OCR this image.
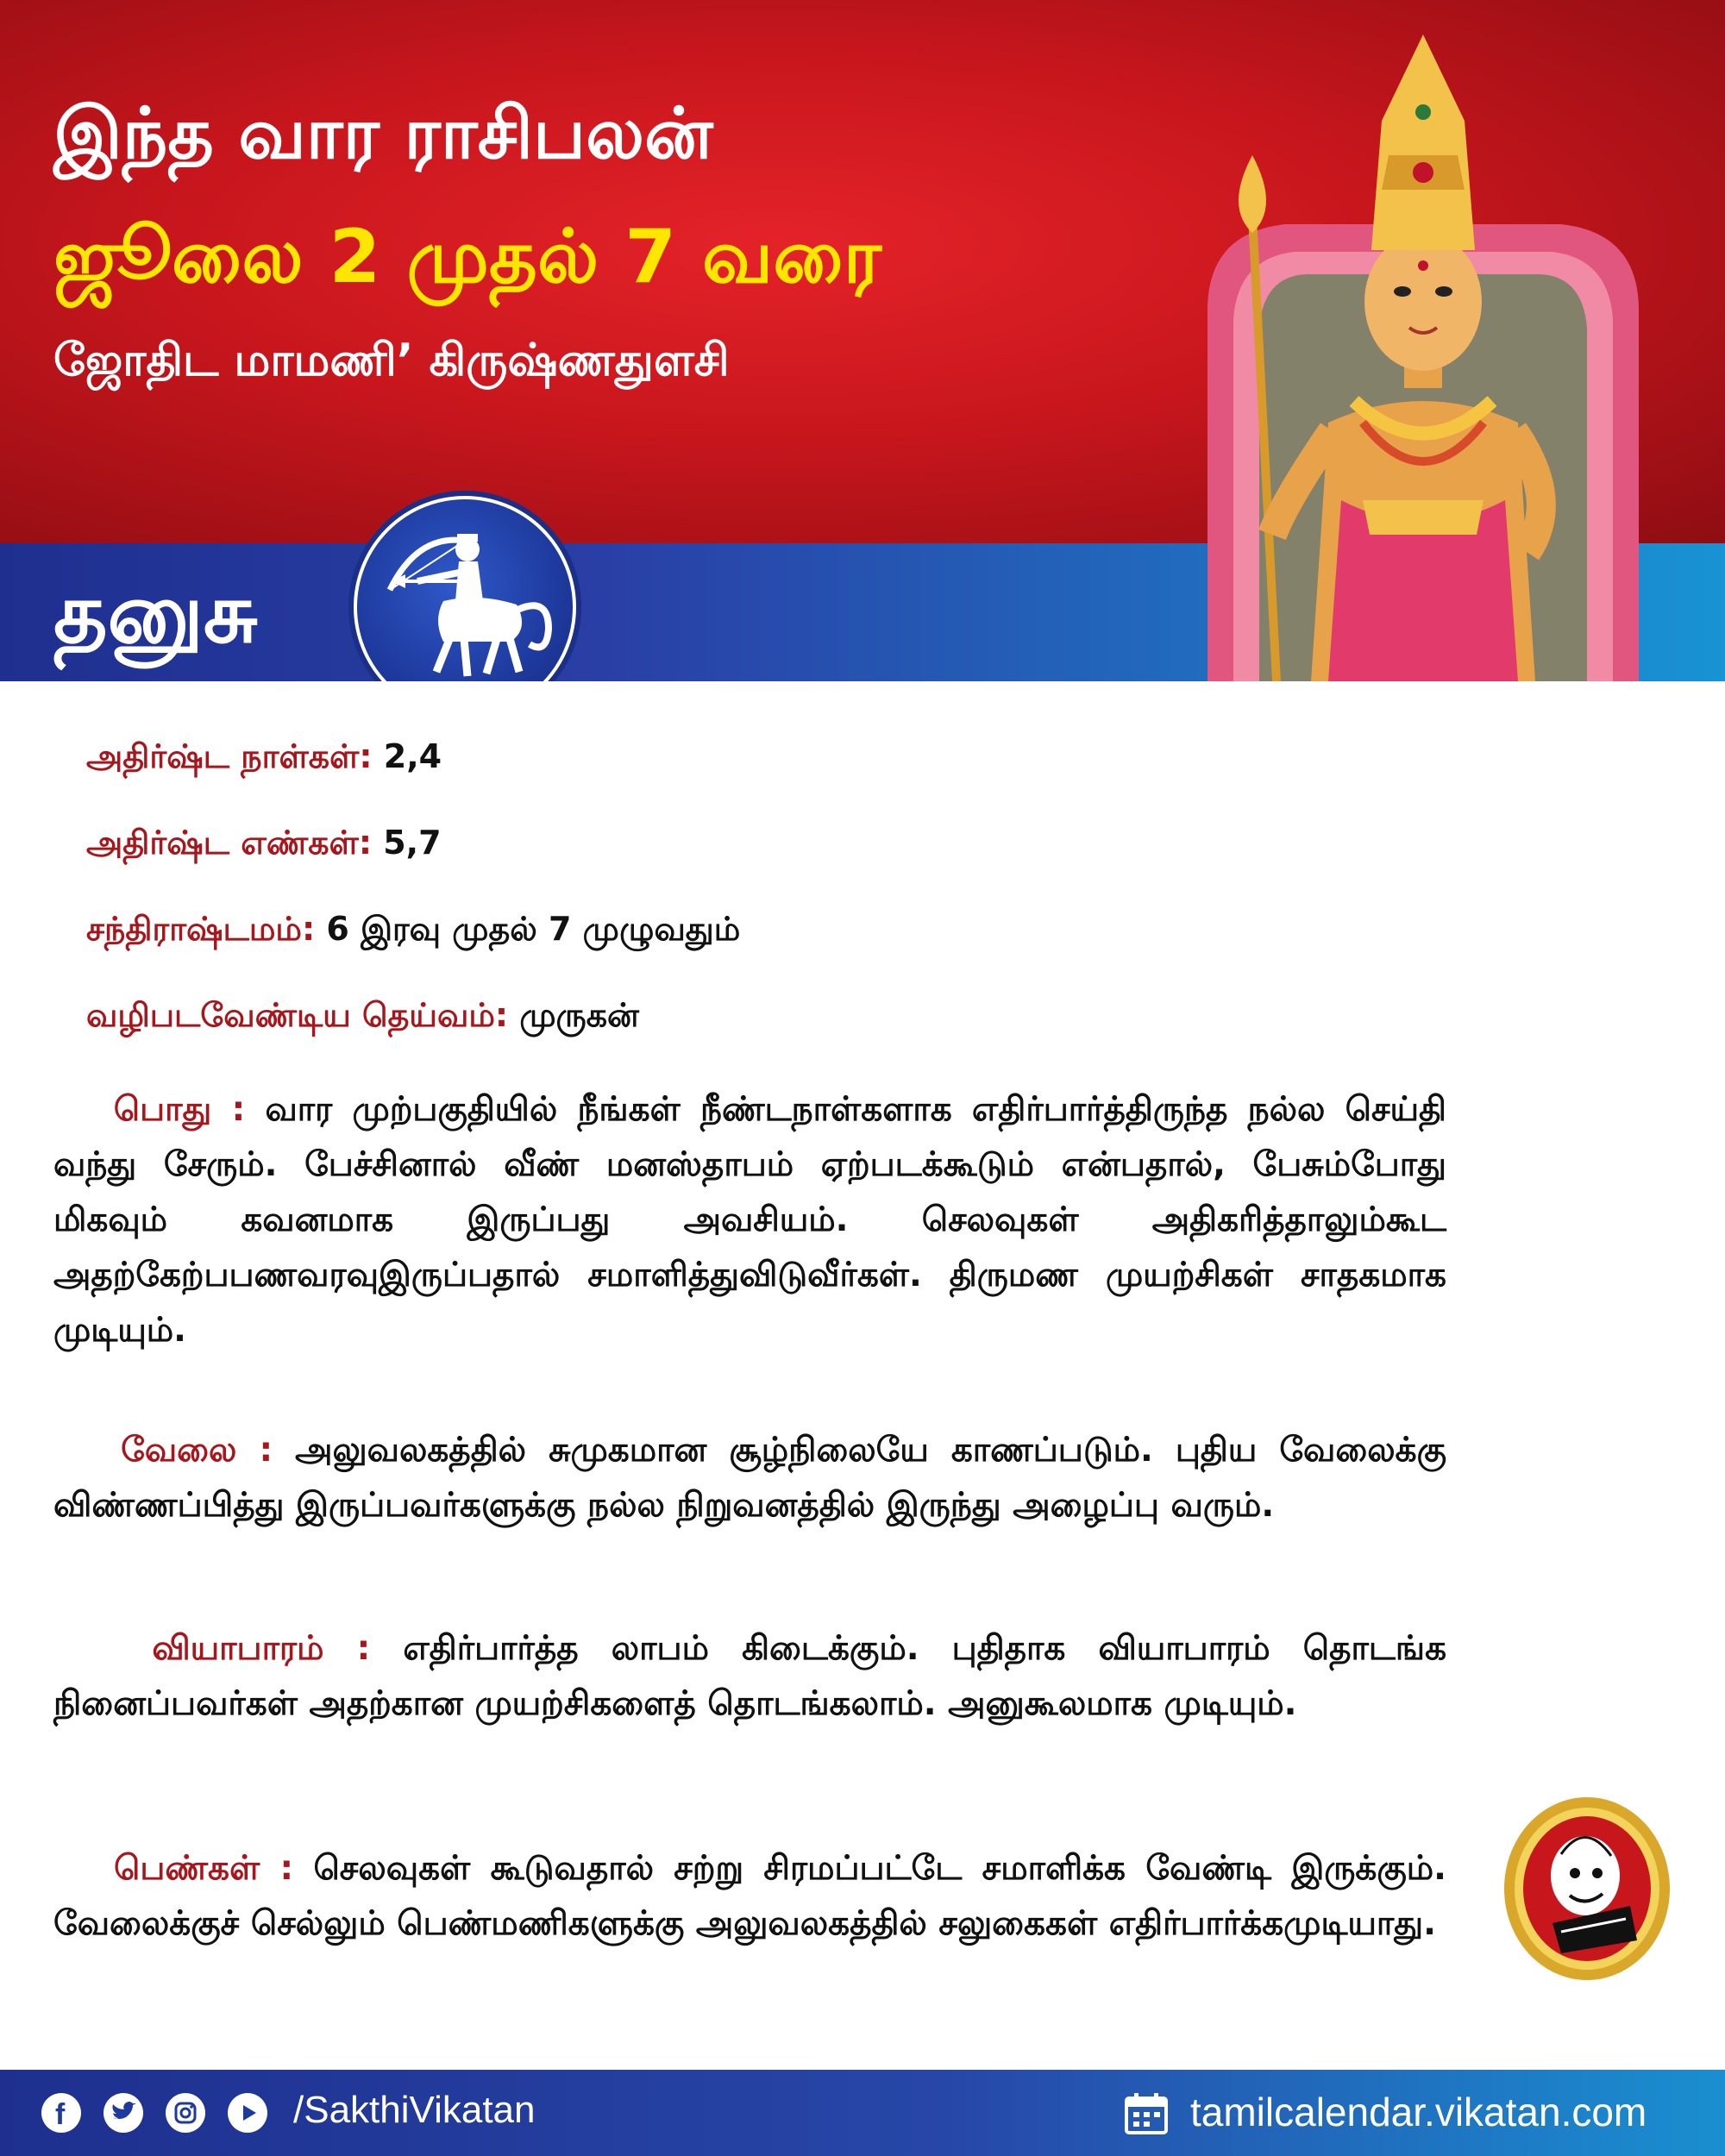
இந்த வார ராசிபலன்
ஜூலை 2 முதல் 7 வரை
ஜோதிட மாமணி’ கிருஷ்ணதுளசி
தனுசு
அதிர்ஷ்ட நாள்கள்: 2,4
அதிர்ஷ்ட எண்கள்: 5,7
சந்திராஷ்டமம்: 6 இரவு முதல் 7 முழுவதும்
வழிபடவேண்டிய தெய்வம்: முருகன்
பொது : வார முற்பகுதியில் நீங்கள் நீண்டநாள்களாக எதிர்பார்த்திருந்த நல்ல செய்தி வந்து சேரும். பேச்சினால் வீண் மனஸ்தாபம் ஏற்படக்கூடும் என்பதால், பேசும்போது மிகவும் கவனமாக இருப்பது அவசியம். செலவுகள் அதிகரித்தாலும்கூட அதற்கேற்பபணவரவுஇருப்பதால் சமாளித்துவிடுவீர்கள். திருமண முயற்சிகள் சாதகமாக முடியும்.
வேலை : அலுவலகத்தில் சுமுகமான சூழ்நிலையே காணப்படும். புதிய வேலைக்கு விண்ணப்பித்து இருப்பவர்களுக்கு நல்ல நிறுவனத்தில் இருந்து அழைப்பு வரும்.
வியாபாரம் : எதிர்பார்த்த லாபம் கிடைக்கும். புதிதாக வியாபாரம் தொடங்க நினைப்பவர்கள் அதற்கான முயற்சிகளைத் தொடங்கலாம். அனுகூலமாக முடியும்.
பெண்கள் : செலவுகள் கூடுவதால் சற்று சிரமப்பட்டே சமாளிக்க வேண்டி இருக்கும். வேலைக்குச் செல்லும் பெண்மணிகளுக்கு அலுவலகத்தில் சலுகைகள் எதிர்பார்க்கமுடியாது.
f	/SakthiVikatan	tamilcalendar.vikatan.com
